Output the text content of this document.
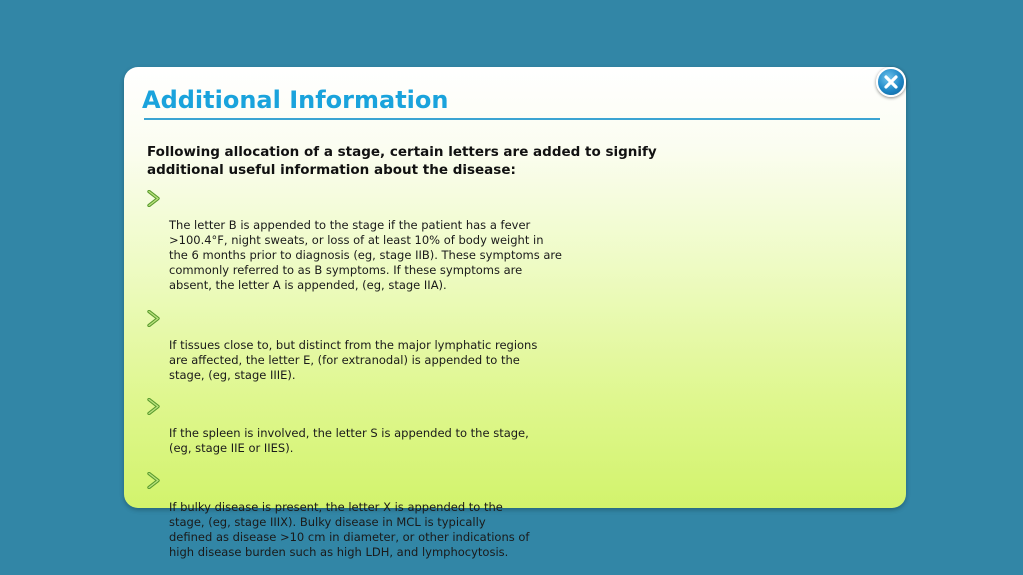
Additional Information

Following allocation of a stage, certain letters are added to signify additional useful information about the disease:

The letter B is appended to the stage if the patient has a fever
>100.4°F, night sweats, or loss of at least 10% of body weight in
the 6 months prior to diagnosis (eg, stage IIB). These symptoms are
commonly referred to as B symptoms. If these symptoms are
absent, the letter A is appended, (eg, stage IIA).

If tissues close to, but distinct from the major lymphatic regions
are affected, the letter E, (for extranodal) is appended to the
stage, (eg, stage IIIE).

If the spleen is involved, the letter S is appended to the stage,
(eg, stage IIE or IIES).

If bulky disease is present, the letter X is appended to the
stage, (eg, stage IIIX). Bulky disease in MCL is typically
defined as disease >10 cm in diameter, or other indications of
high disease burden such as high LDH, and lymphocytosis.
